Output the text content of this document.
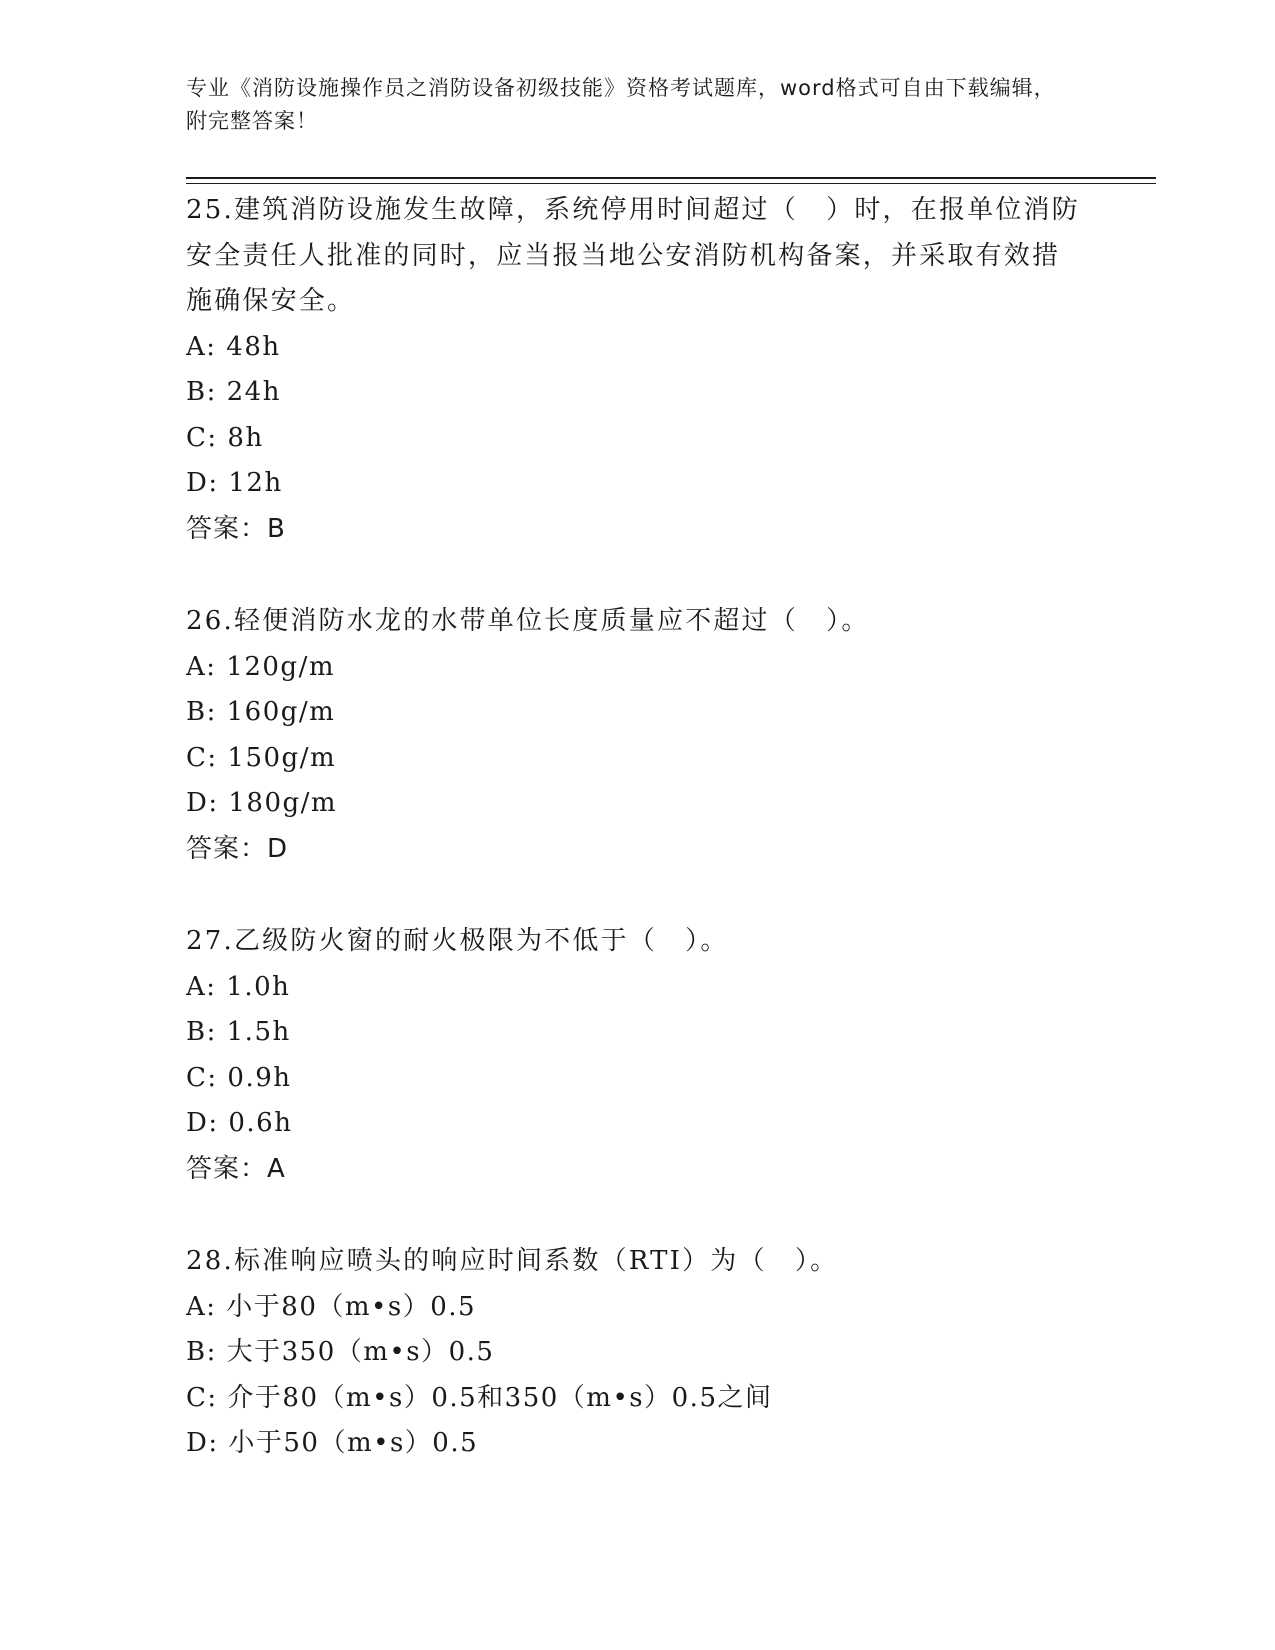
专业《消防设施操作员之消防设备初级技能》资格考试题库，word格式可自由下载编辑，附完整答案！
25.建筑消防设施发生故障，系统停用时间超过（　）时，在报单位消防安全责任人批准的同时，应当报当地公安消防机构备案，并采取有效措施确保安全。
A: 48h
B: 24h
C: 8h
D: 12h
答案：B
26.轻便消防水龙的水带单位长度质量应不超过（　）。
A: 120g/m
B: 160g/m
C: 150g/m
D: 180g/m
答案：D
27.乙级防火窗的耐火极限为不低于（　）。
A: 1.0h
B: 1.5h
C: 0.9h
D: 0.6h
答案：A
28.标准响应喷头的响应时间系数（RTI）为（　）。
A: 小于80（m•s）0.5
B: 大于350（m•s）0.5
C: 介于80（m•s）0.5和350（m•s）0.5之间
D: 小于50（m•s）0.5
